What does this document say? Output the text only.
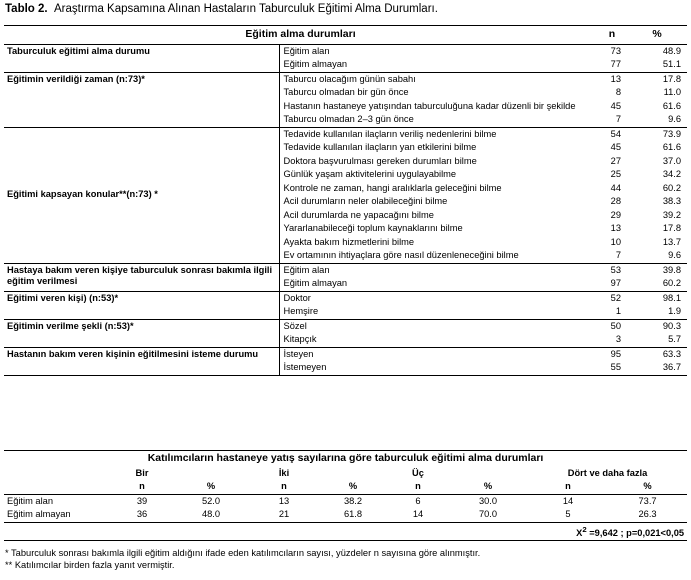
Tablo 2. Araştırma Kapsamına Alınan Hastaların Taburculuk Eğitimi Alma Durumları.
Eğitim alma durumları		n	%
Taburculuk eğitimi alma durumu	Eğitim alan	73	48.9
	Eğitim almayan	77	51.1
Eğitimin verildiği zaman (n:73)*	Taburcu olacağım günün sabahı	13	17.8
	Taburcu olmadan bir gün önce	8	11.0
	Hastanın hastaneye yatışından taburculuğuna kadar düzenli bir şekilde	45	61.6
	Taburcu olmadan 2–3 gün önce	7	9.6
Eğitimi kapsayan konular**(n:73) *	Tedavide kullanılan ilaçların veriliş nedenlerini bilme	54	73.9
	Tedavide kullanılan ilaçların yan etkilerini bilme	45	61.6
	Doktora başvurulması gereken durumları bilme	27	37.0
	Günlük yaşam aktivitelerini uygulayabilme	25	34.2
	Kontrole ne zaman, hangi aralıklarla geleceğini bilme	44	60.2
	Acil durumların neler olabileceğini bilme	28	38.3
	Acil durumlarda ne yapacağını bilme	29	39.2
	Yararlanabileceği toplum kaynaklarını bilme	13	17.8
	Ayakta bakım hizmetlerini bilme	10	13.7
	Ev ortamının ihtiyaçlara göre nasıl düzenleneceğini bilme	7	9.6
Hastaya bakım veren kişiye taburculuk sonrası bakımla ilgili eğitim verilmesi	Eğitim alan	53	39.8
	Eğitim almayan	97	60.2
Eğitimi veren kişi) (n:53)*	Doktor	52	98.1
	Hemşire	1	1.9
Eğitimin verilme şekli (n:53)*	Sözel	50	90.3
	Kitapçık	3	5.7
Hastanın bakım veren kişinin eğitilmesini isteme durumu	İsteyen	95	63.3
	İstemeyen	55	36.7
Katılımcıların hastaneye yatış sayılarına göre taburculuk eğitimi alma durumları								
	Bir		İki		Üç		Dört ve daha fazla	
	n	%	n	%	n	%	n	%
Eğitim alan	39	52.0	13	38.2	6	30.0	14	73.7
Eğitim almayan	36	48.0	21	61.8	14	70.0	5	26.3
$X^2 =9,642$ ; p=0,021<0,05								
* Taburculuk sonrası bakımla ilgili eğitim aldığını ifade eden katılımcıların sayısı, yüzdeler n sayısına göre alınmıştır.
** Katılımcılar birden fazla yanıt vermiştir.
